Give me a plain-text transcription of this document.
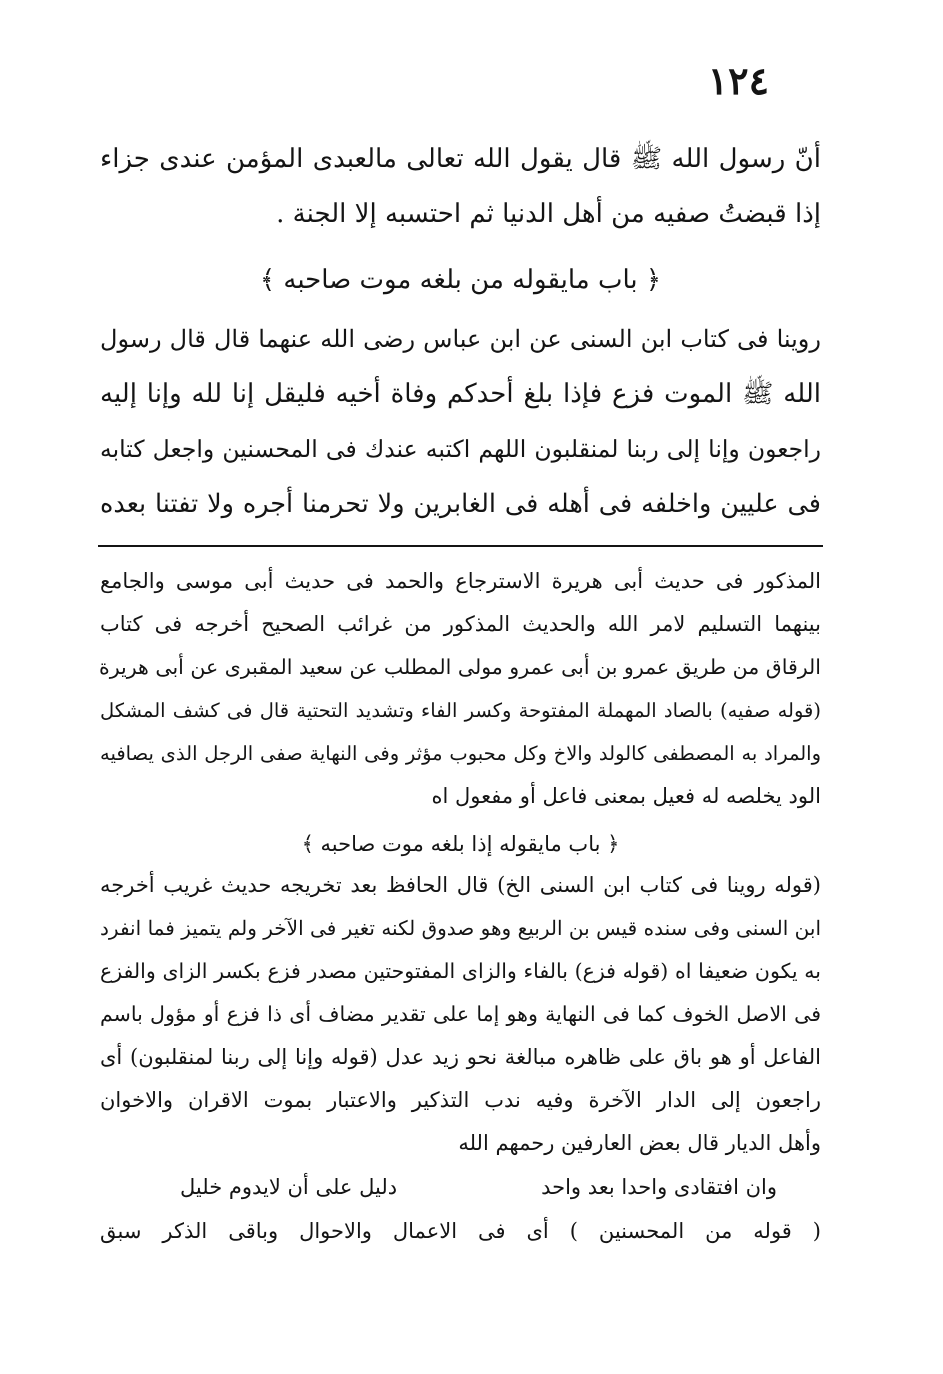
١٢٤
أنّ رسول الله ﷺ قال يقول الله تعالى مالعبدى المؤمن عندى جزاء
إذا قبضتُ صفيه من أهل الدنيا ثم احتسبه إلا الجنة .
﴿ باب مايقوله من بلغه موت صاحبه ﴾
روينا فى كتاب ابن السنى عن ابن عباس رضى الله عنهما قال قال رسول
الله ﷺ الموت فزع فإذا بلغ أحدكم وفاة أخيه فليقل إنا لله وإنا إليه
راجعون وإنا إلى ربنا لمنقلبون اللهم اكتبه عندك فى المحسنين واجعل كتابه
فى عليين واخلفه فى أهله فى الغابرين ولا تحرمنا أجره ولا تفتنا بعده
المذكور فى حديث أبى هريرة الاسترجاع والحمد فى حديث أبى موسى والجامع
بينهما التسليم لامر الله والحديث المذكور من غرائب الصحيح أخرجه فى كتاب
الرقاق من طريق عمرو بن أبى عمرو مولى المطلب عن سعيد المقبرى عن أبى هريرة
(قوله صفيه) بالصاد المهملة المفتوحة وكسر الفاء وتشديد التحتية قال فى كشف المشكل
والمراد به المصطفى كالولد والاخ وكل محبوب مؤثر وفى النهاية صفى الرجل الذى يصافيه
الود يخلصه له فعيل بمعنى فاعل أو مفعول اه
﴿ باب مايقوله إذا بلغه موت صاحبه ﴾
(قوله روينا فى كتاب ابن السنى الخ) قال الحافظ بعد تخريجه حديث غريب أخرجه
ابن السنى وفى سنده قيس بن الربيع وهو صدوق لكنه تغير فى الآخر ولم يتميز فما انفرد
به يكون ضعيفا اه (قوله فزع) بالفاء والزاى المفتوحتين مصدر فزع بكسر الزاى والفزع
فى الاصل الخوف كما فى النهاية وهو إما على تقدير مضاف أى ذا فزع أو مؤول باسم
الفاعل أو هو باق على ظاهره مبالغة نحو زيد عدل (قوله وإنا إلى ربنا لمنقلبون) أى
راجعون إلى الدار الآخرة وفيه ندب التذكير والاعتبار بموت الاقران والاخوان
وأهل الديار قال بعض العارفين رحمهم الله
وان افتقادى واحدا بعد واحد
دليل على أن لايدوم خليل
( قوله من المحسنين ) أى فى الاعمال والاحوال وباقى الذكر سبق
